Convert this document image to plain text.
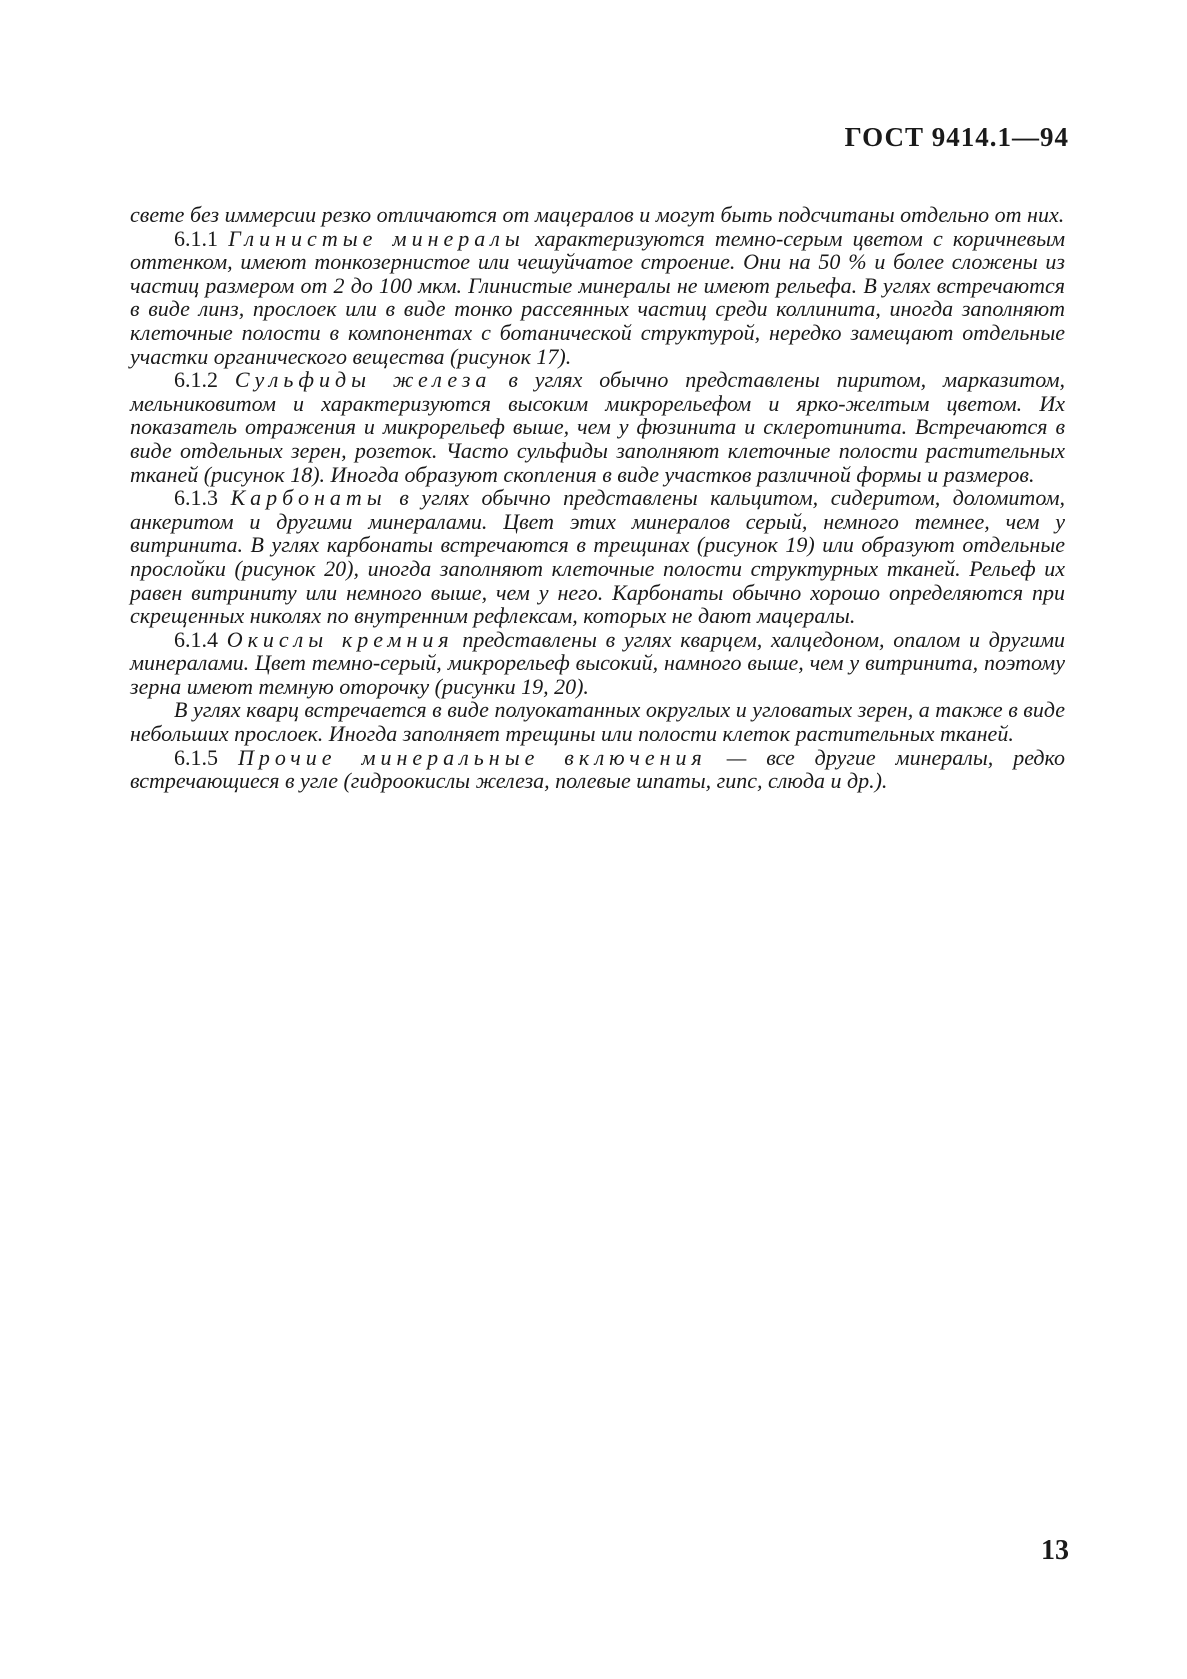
ГОСТ 9414.1—94

свете без иммерсии резко отличаются от мацералов и могут быть подсчитаны отдельно от них.

6.1.1 Глинистые минералы характеризуются темно-серым цветом с коричневым оттенком, имеют тонкозернистое или чешуйчатое строение. Они на 50 % и более сложены из частиц размером от 2 до 100 мкм. Глинистые минералы не имеют рельефа. В углях встречаются в виде линз, прослоек или в виде тонко рассеянных частиц среди коллинита, иногда заполняют клеточные полости в компонентах с ботанической структурой, нередко замещают отдельные участки органического вещества (рисунок 17).

6.1.2 Сульфиды железа в углях обычно представлены пиритом, марказитом, мельниковитом и характеризуются высоким микрорельефом и ярко-желтым цветом. Их показатель отражения и микрорельеф выше, чем у фюзинита и склеротинита. Встречаются в виде отдельных зерен, розеток. Часто сульфиды заполняют клеточные полости растительных тканей (рисунок 18). Иногда образуют скопления в виде участков различной формы и размеров.

6.1.3 Карбонаты в углях обычно представлены кальцитом, сидеритом, доломитом, анкеритом и другими минералами. Цвет этих минералов серый, немного темнее, чем у витринита. В углях карбонаты встречаются в трещинах (рисунок 19) или образуют отдельные прослойки (рисунок 20), иногда заполняют клеточные полости структурных тканей. Рельеф их равен витриниту или немного выше, чем у него. Карбонаты обычно хорошо определяются при скрещенных николях по внутренним рефлексам, которых не дают мацералы.

6.1.4 Окислы кремния представлены в углях кварцем, халцедоном, опалом и другими минералами. Цвет темно-серый, микрорельеф высокий, намного выше, чем у витринита, поэтому зерна имеют темную оторочку (рисунки 19, 20).

В углях кварц встречается в виде полуокатанных округлых и угловатых зерен, а также в виде небольших прослоек. Иногда заполняет трещины или полости клеток растительных тканей.

6.1.5 Прочие минеральные включения — все другие минералы, редко встречающиеся в угле (гидроокислы железа, полевые шпаты, гипс, слюда и др.).

13
